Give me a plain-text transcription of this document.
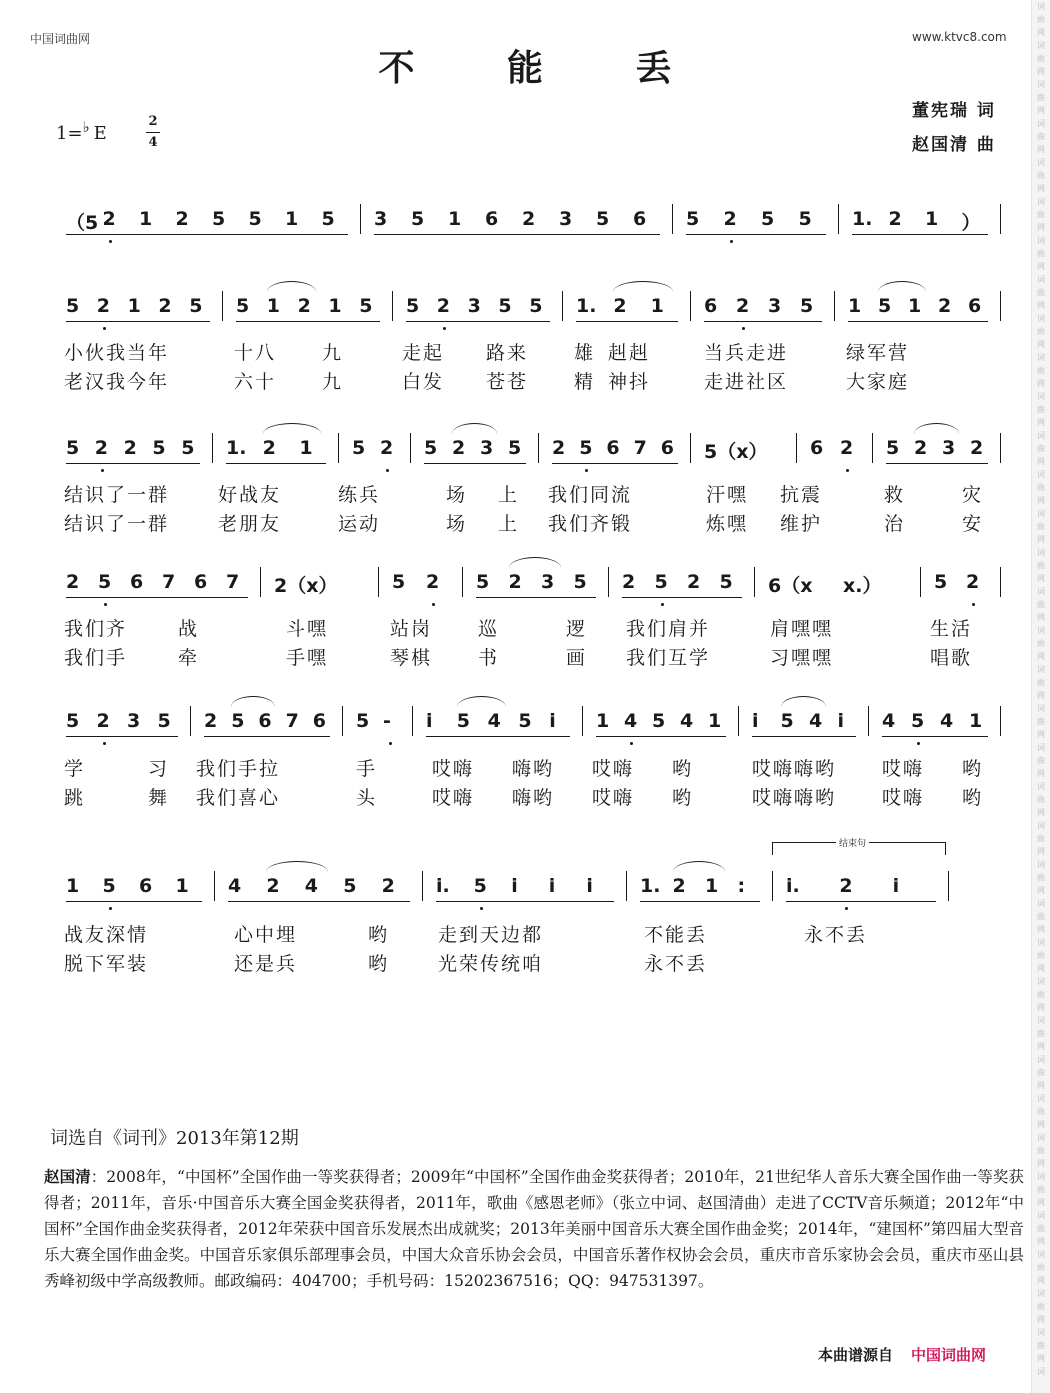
词
曲
网
词
曲
网
词
曲
网
词
曲
网
词
曲
网
词
曲
网
词
曲
网
词
曲
网
词
曲
网
词
曲
网
词
曲
网
词
曲
网
词
曲
网
词
曲
网
词
曲
网
词
曲
网
词
曲
网
词
曲
网
词
曲
网
词
曲
网
词
曲
网
词
曲
网
词
曲
网
词
曲
网
词
曲
网
词
曲
网
词
曲
网
词
曲
网
词
曲
网
词
曲
网
词
曲
网
词
曲
网
词
曲
网
词
曲
网
词
曲
网
词
中国词曲网	www.ktvc8.com
不 能 丢
董宪瑞 词
赵国清 曲
1=♭ E
2
4
（5 2 1 2 5 5 1 5 3 5 1 6 2 3 5 6 5 2 5 5 1. 2 1 ）
5 2 1 2 5 5 1 2 1 5 5 2 3 5 5 1. 2 1 6 2 3 5 1 5 1 2 6
小伙我当年	十八 九	走起 路来 雄 赳赳	当兵走进	绿军营
老汉我今年	六十 九	白发 苍苍 精 神抖	走进社区	大家庭
5 2 2 5 5 1. 2 1 5 2 5 2 3 5 2 5 6 7 6 5（x） 6 2 5 2 3 2
结识了一群	好战友	练兵	场 上 我们同流	汗嘿 抗震	救	灾
结识了一群	老朋友	运动	场 上 我们齐锻	炼嘿 维护	治	安
2 5 6 7 6 7 2（x）	5 2 5 2 3 5 2 5 2 5 6（x x.）	5 2
我们齐	战	斗嘿	站岗 巡	逻 我们肩并	肩嘿嘿	生活
我们手	牵	手嘿	琴棋 书	画 我们互学	习嘿嘿	唱歌
5 2 3 5 2 5 6 7 6 5 - i 5 4 5 i 1 4 5 4 1 i 5 4 i 4 5 4 1
学	习 我们手拉	手	哎嗨 嗨哟 哎嗨 哟	哎嗨嗨哟 哎嗨 哟
跳	舞 我们喜心	头	哎嗨 嗨哟 哎嗨 哟	哎嗨嗨哟 哎嗨 哟
1 5 6 1 4 2 4 5 2 i. 5 i i i 1. 2 1 : i. 2 i
战友深情	心中埋	哟	走到天边都	不能丢	永不丢
脱下军装	还是兵	哟	光荣传统咱	永不丢
结束句
词选自《词刊》2013年第12期
赵国清：2008年，“中国杯”全国作曲一等奖获得者；2009年“中国杯”全国作曲金奖获得者；2010年，21世纪华人音乐大赛全国作曲一等奖获得者；2011年，音乐·中国音乐大赛全国金奖获得者，2011年，歌曲《感恩老师》（张立中词、赵国清曲）走进了CCTV音乐频道；2012年“中国杯”全国作曲金奖获得者，2012年荣获中国音乐发展杰出成就奖；2013年美丽中国音乐大赛全国作曲金奖；2014年，“建国杯”第四届大型音乐大赛全国作曲金奖。中国音乐家俱乐部理事会员，中国大众音乐协会会员，中国音乐著作权协会会员，重庆市音乐家协会会员，重庆市巫山县秀峰初级中学高级教师。邮政编码：404700；手机号码：15202367516；QQ：947531397。
本曲谱源自 中国词曲网
